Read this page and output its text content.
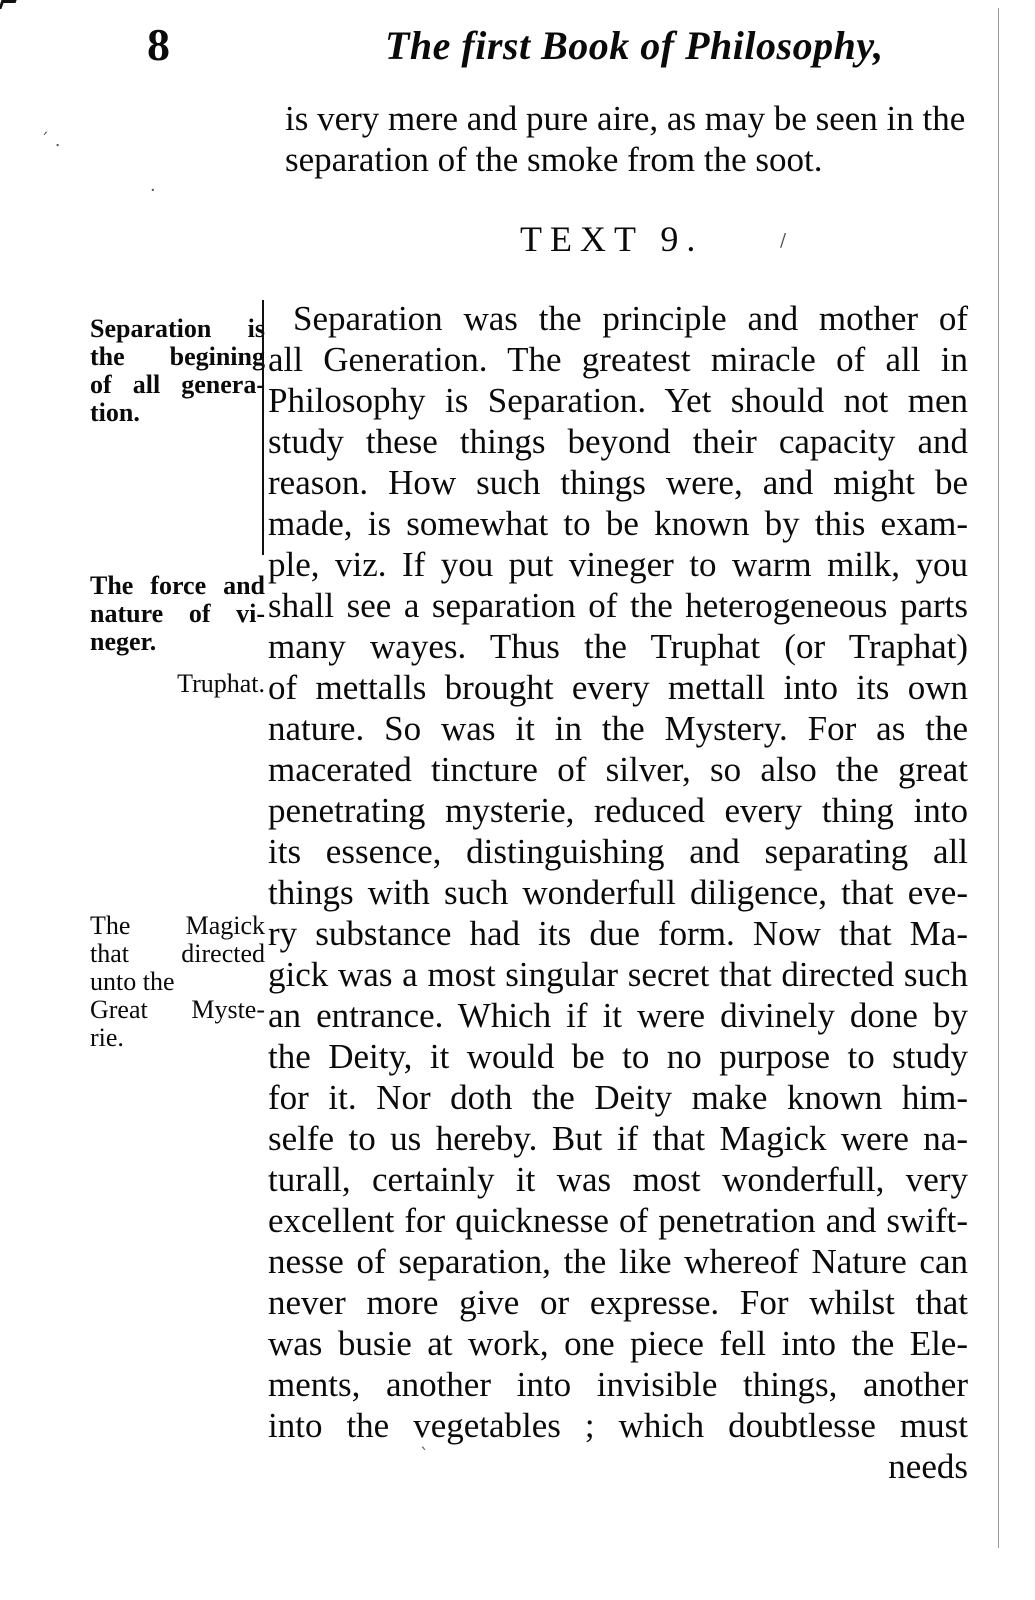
8	The first Book of Philosophy,
is very mere and pure aire, as may be seen in the
separation of the smoke from the soot.
TEXT 9.
Separation is
the begining
of all genera-
tion.
The force and
nature of vi-
neger.
Truphat.
The Magick
that directed
unto the
Great Myste-
rie.
Separation was the principle and mother of
all Generation. The greatest miracle of all in
Philosophy is Separation. Yet should not men
study these things beyond their capacity and
reason. How such things were, and might be
made, is somewhat to be known by this exam-
ple, viz. If you put vineger to warm milk, you
shall see a separation of the heterogeneous parts
many wayes. Thus the Truphat (or Traphat)
of mettalls brought every mettall into its own
nature. So was it in the Mystery. For as the
macerated tincture of silver, so also the great
penetrating mysterie, reduced every thing into
its essence, distinguishing and separating all
things with such wonderfull diligence, that eve-
ry substance had its due form. Now that Ma-
gick was a most singular secret that directed such
an entrance. Which if it were divinely done by
the Deity, it would be to no purpose to study
for it. Nor doth the Deity make known him-
selfe to us hereby. But if that Magick were na-
turall, certainly it was most wonderfull, very
excellent for quicknesse of penetration and swift-
nesse of separation, the like whereof Nature can
never more give or expresse. For whilst that
was busie at work, one piece fell into the Ele-
ments, another into invisible things, another
into the vegetables ; which doubtlesse must
needs
´ .
·
/
`
